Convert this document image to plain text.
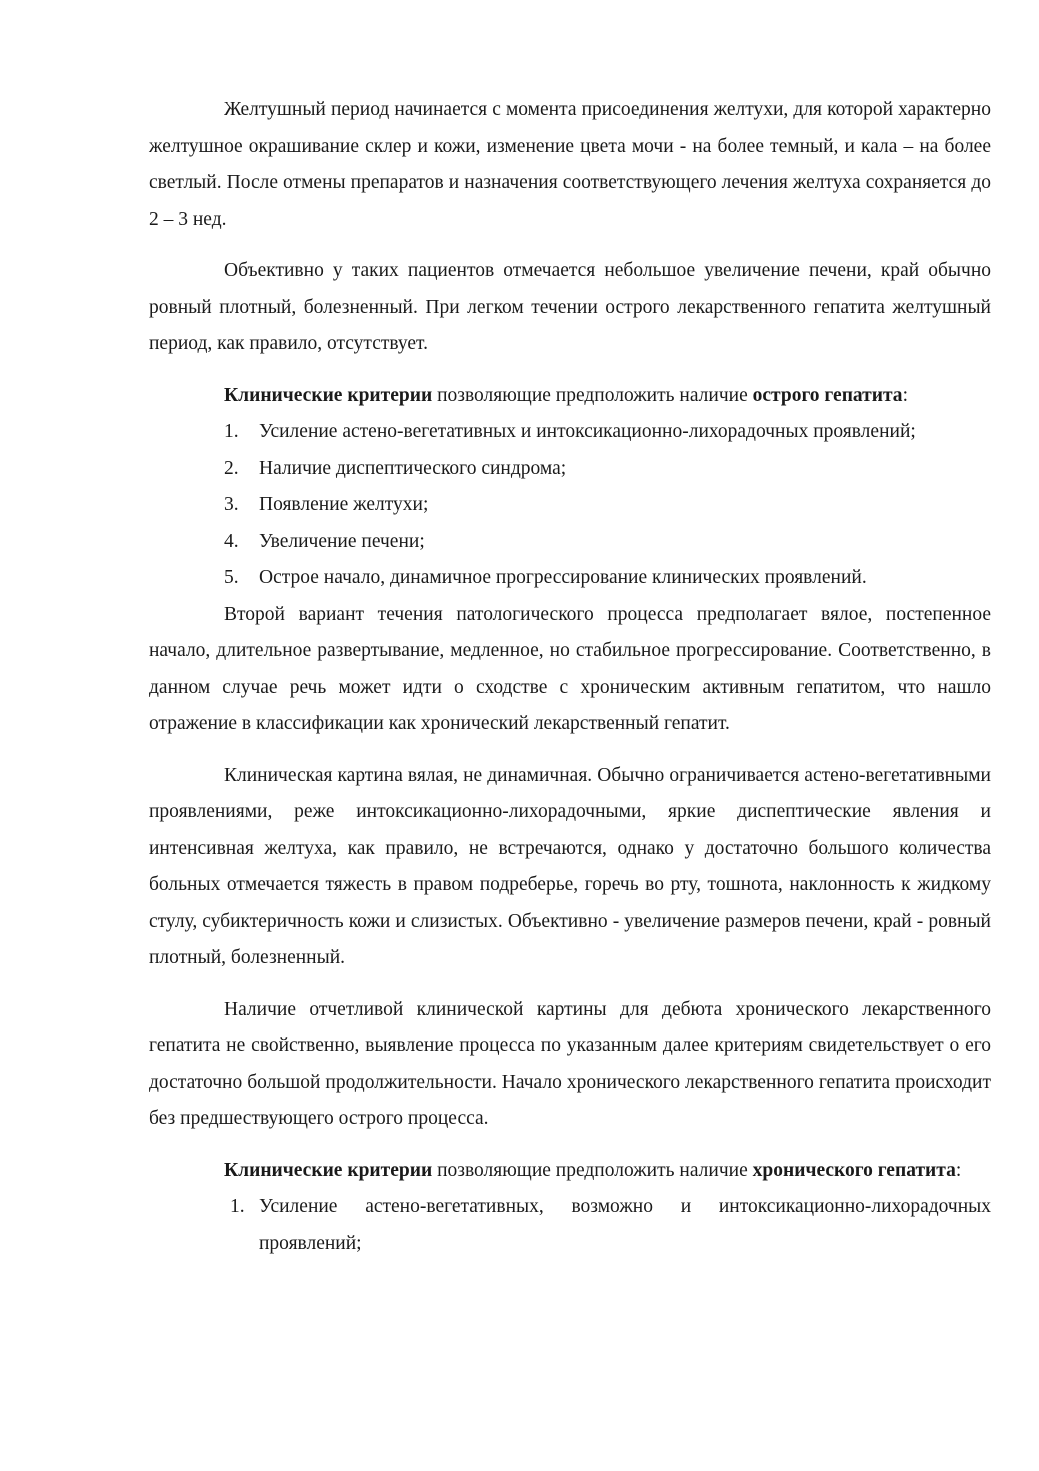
Желтушный период начинается с момента присоединения желтухи, для которой характерно желтушное окрашивание склер и кожи, изменение цвета мочи - на более темный, и кала – на более светлый. После отмены препаратов и назначения соответствующего лечения желтуха сохраняется до 2 – 3 нед.

Объективно у таких пациентов отмечается небольшое увеличение печени, край обычно ровный плотный, болезненный. При легком течении острого лекарственного гепатита желтушный период, как правило, отсутствует.

Клинические критерии позволяющие предположить наличие острого гепатита:

1. Усиление астено-вегетативных и интоксикационно-лихорадочных проявлений;
2. Наличие диспептического синдрома;
3. Появление желтухи;
4. Увеличение печени;
5. Острое начало, динамичное прогрессирование клинических проявлений.

Второй вариант течения патологического процесса предполагает вялое, постепенное начало, длительное развертывание, медленное, но стабильное прогрессирование. Соответственно, в данном случае речь может идти о сходстве с хроническим активным гепатитом, что нашло отражение в классификации как хронический лекарственный гепатит.

Клиническая картина вялая, не динамичная. Обычно ограничивается астено-вегетативными проявлениями, реже интоксикационно-лихорадочными, яркие диспептические явления и интенсивная желтуха, как правило, не встречаются, однако у достаточно большого количества больных отмечается тяжесть в правом подреберье, горечь во рту, тошнота, наклонность к жидкому стулу, субиктеричность кожи и слизистых. Объективно - увеличение размеров печени, край - ровный плотный, болезненный.

Наличие отчетливой клинической картины для дебюта хронического лекарственного гепатита не свойственно, выявление процесса по указанным далее критериям свидетельствует о его достаточно большой продолжительности. Начало хронического лекарственного гепатита происходит без предшествующего острого процесса.

Клинические критерии позволяющие предположить наличие хронического гепатита:

1. Усиление астено-вегетативных, возможно и интоксикационно-лихорадочных проявлений;
